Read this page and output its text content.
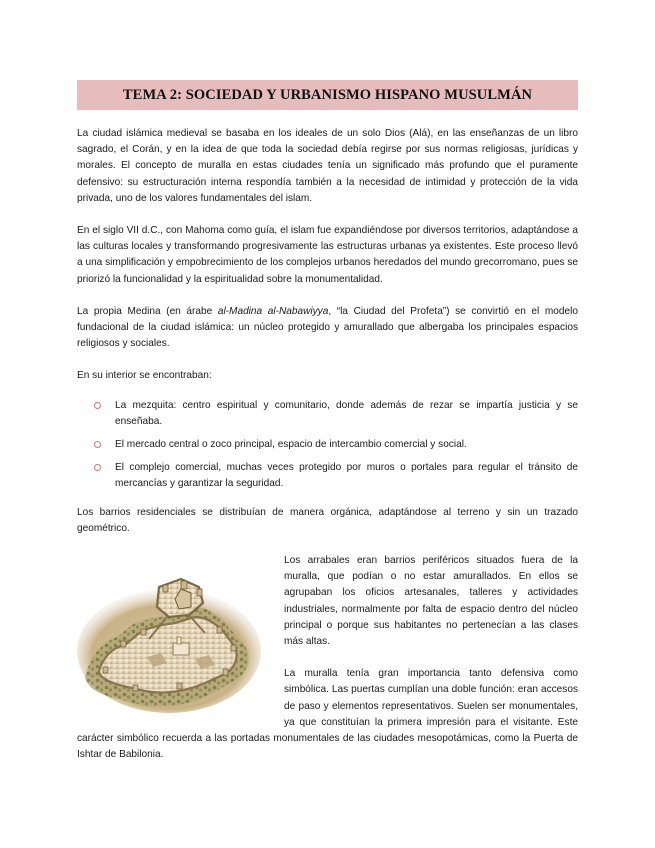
TEMA 2: SOCIEDAD Y URBANISMO HISPANO MUSULMÁN

La ciudad islámica medieval se basaba en los ideales de un solo Dios (Alá), en las enseñanzas de un libro sagrado, el Corán, y en la idea de que toda la sociedad debía regirse por sus normas religiosas, jurídicas y morales. El concepto de muralla en estas ciudades tenía un significado más profundo que el puramente defensivo: su estructuración interna respondía también a la necesidad de intimidad y protección de la vida privada, uno de los valores fundamentales del islam.

En el siglo VII d.C., con Mahoma como guía, el islam fue expandiéndose por diversos territorios, adaptándose a las culturas locales y transformando progresivamente las estructuras urbanas ya existentes. Este proceso llevó a una simplificación y empobrecimiento de los complejos urbanos heredados del mundo grecorromano, pues se priorizó la funcionalidad y la espiritualidad sobre la monumentalidad.

La propia Medina (en árabe al-Madina al-Nabawiyya, “la Ciudad del Profeta”) se convirtió en el modelo fundacional de la ciudad islámica: un núcleo protegido y amurallado que albergaba los principales espacios religiosos y sociales.

En su interior se encontraban:

La mezquita: centro espiritual y comunitario, donde además de rezar se impartía justicia y se enseñaba.

El mercado central o zoco principal, espacio de intercambio comercial y social.

El complejo comercial, muchas veces protegido por muros o portales para regular el tránsito de mercancías y garantizar la seguridad.

Los barrios residenciales se distribuían de manera orgánica, adaptándose al terreno y sin un trazado geométrico.

Los arrabales eran barrios periféricos situados fuera de la muralla, que podían o no estar amurallados. En ellos se agrupaban los oficios artesanales, talleres y actividades industriales, normalmente por falta de espacio dentro del núcleo principal o porque sus habitantes no pertenecían a las clases más altas.

La muralla tenía gran importancia tanto defensiva como simbólica. Las puertas cumplían una doble función: eran accesos de paso y elementos representativos. Suelen ser monumentales, ya que constituían la primera impresión para el visitante. Este carácter simbólico recuerda a las portadas monumentales de las ciudades mesopotámicas, como la Puerta de Ishtar de Babilonia.
